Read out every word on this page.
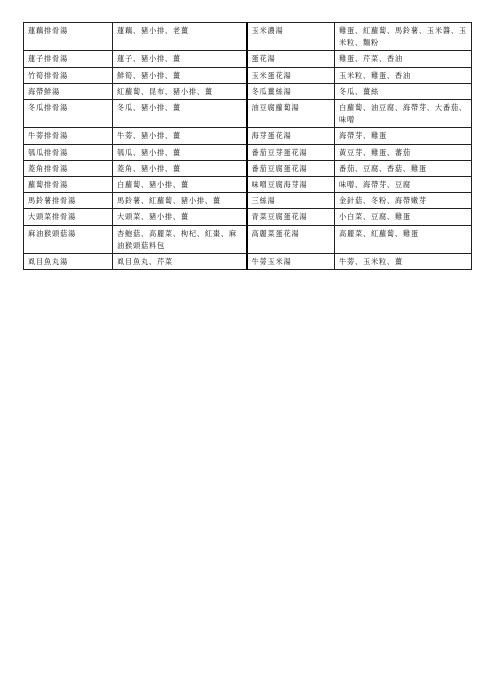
蓮藕排骨湯	蓮藕、豬小排、老薑	玉米濃湯	雞蛋、紅蘿蔔、馬鈴薯、玉米醬、玉米粒、麵粉
蓮子排骨湯	蓮子、豬小排、薑	蛋花湯	雞蛋、芹菜、香油
竹筍排骨湯	鮮筍、豬小排、薑	玉米蛋花湯	玉米粒、雞蛋、香油
海帶鮮湯	紅蘿蔔、昆布、豬小排、薑	冬瓜薑絲湯	冬瓜、薑絲
冬瓜排骨湯	冬瓜、豬小排、薑	油豆腐蘿蔔湯	白蘿蔔、油豆腐、海帶芽、大番茄、味噌
牛蒡排骨湯	牛蒡、豬小排、薑	海芽蛋花湯	海帶芽、雞蛋
瓠瓜排骨湯	瓠瓜、豬小排、薑	番茄豆芽蛋花湯	黃豆芽、雞蛋、蕃茄
菱角排骨湯	菱角、豬小排、薑	番茄豆腐蛋花湯	番茄、豆腐、香菇、雞蛋
蘿蔔排骨湯	白蘿蔔、豬小排、薑	味噌豆腐海芽湯	味噌、海帶芽、豆腐
馬鈴薯排骨湯	馬鈴薯、紅蘿蔔、豬小排、薑	三絲湯	金針菇、冬粉、海帶嫩芽
大頭菜排骨湯	大頭菜、豬小排、薑	青菜豆腐蛋花湯	小白菜、豆腐、雞蛋
麻油猴頭菇湯	杏鮑菇、高麗菜、枸杞、紅棗、麻油猴頭菇料包	高麗菜蛋花湯	高麗菜、紅蘿蔔、雞蛋
虱目魚丸湯	虱目魚丸、芹菜	牛蒡玉米湯	牛蒡、玉米粒、薑
